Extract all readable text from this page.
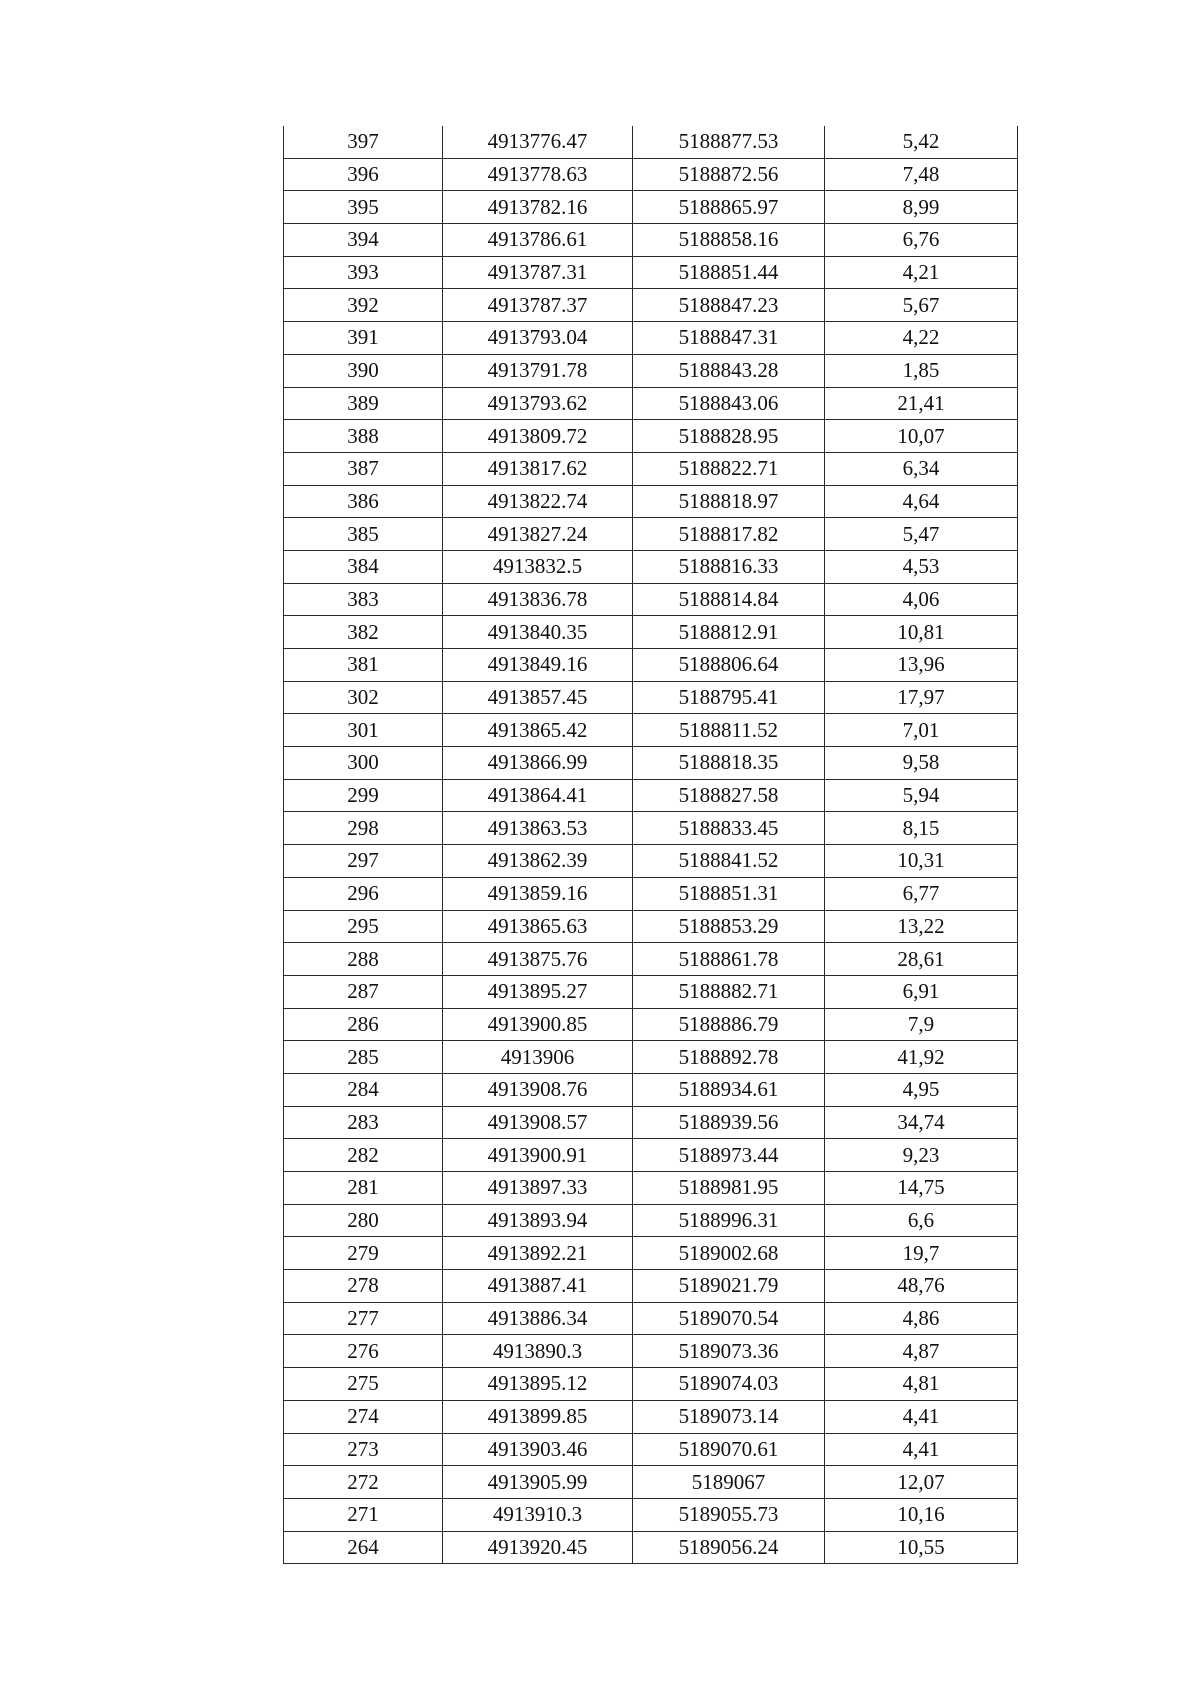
397	4913776.47	5188877.53	5,42
396	4913778.63	5188872.56	7,48
395	4913782.16	5188865.97	8,99
394	4913786.61	5188858.16	6,76
393	4913787.31	5188851.44	4,21
392	4913787.37	5188847.23	5,67
391	4913793.04	5188847.31	4,22
390	4913791.78	5188843.28	1,85
389	4913793.62	5188843.06	21,41
388	4913809.72	5188828.95	10,07
387	4913817.62	5188822.71	6,34
386	4913822.74	5188818.97	4,64
385	4913827.24	5188817.82	5,47
384	4913832.5	5188816.33	4,53
383	4913836.78	5188814.84	4,06
382	4913840.35	5188812.91	10,81
381	4913849.16	5188806.64	13,96
302	4913857.45	5188795.41	17,97
301	4913865.42	5188811.52	7,01
300	4913866.99	5188818.35	9,58
299	4913864.41	5188827.58	5,94
298	4913863.53	5188833.45	8,15
297	4913862.39	5188841.52	10,31
296	4913859.16	5188851.31	6,77
295	4913865.63	5188853.29	13,22
288	4913875.76	5188861.78	28,61
287	4913895.27	5188882.71	6,91
286	4913900.85	5188886.79	7,9
285	4913906	5188892.78	41,92
284	4913908.76	5188934.61	4,95
283	4913908.57	5188939.56	34,74
282	4913900.91	5188973.44	9,23
281	4913897.33	5188981.95	14,75
280	4913893.94	5188996.31	6,6
279	4913892.21	5189002.68	19,7
278	4913887.41	5189021.79	48,76
277	4913886.34	5189070.54	4,86
276	4913890.3	5189073.36	4,87
275	4913895.12	5189074.03	4,81
274	4913899.85	5189073.14	4,41
273	4913903.46	5189070.61	4,41
272	4913905.99	5189067	12,07
271	4913910.3	5189055.73	10,16
264	4913920.45	5189056.24	10,55
